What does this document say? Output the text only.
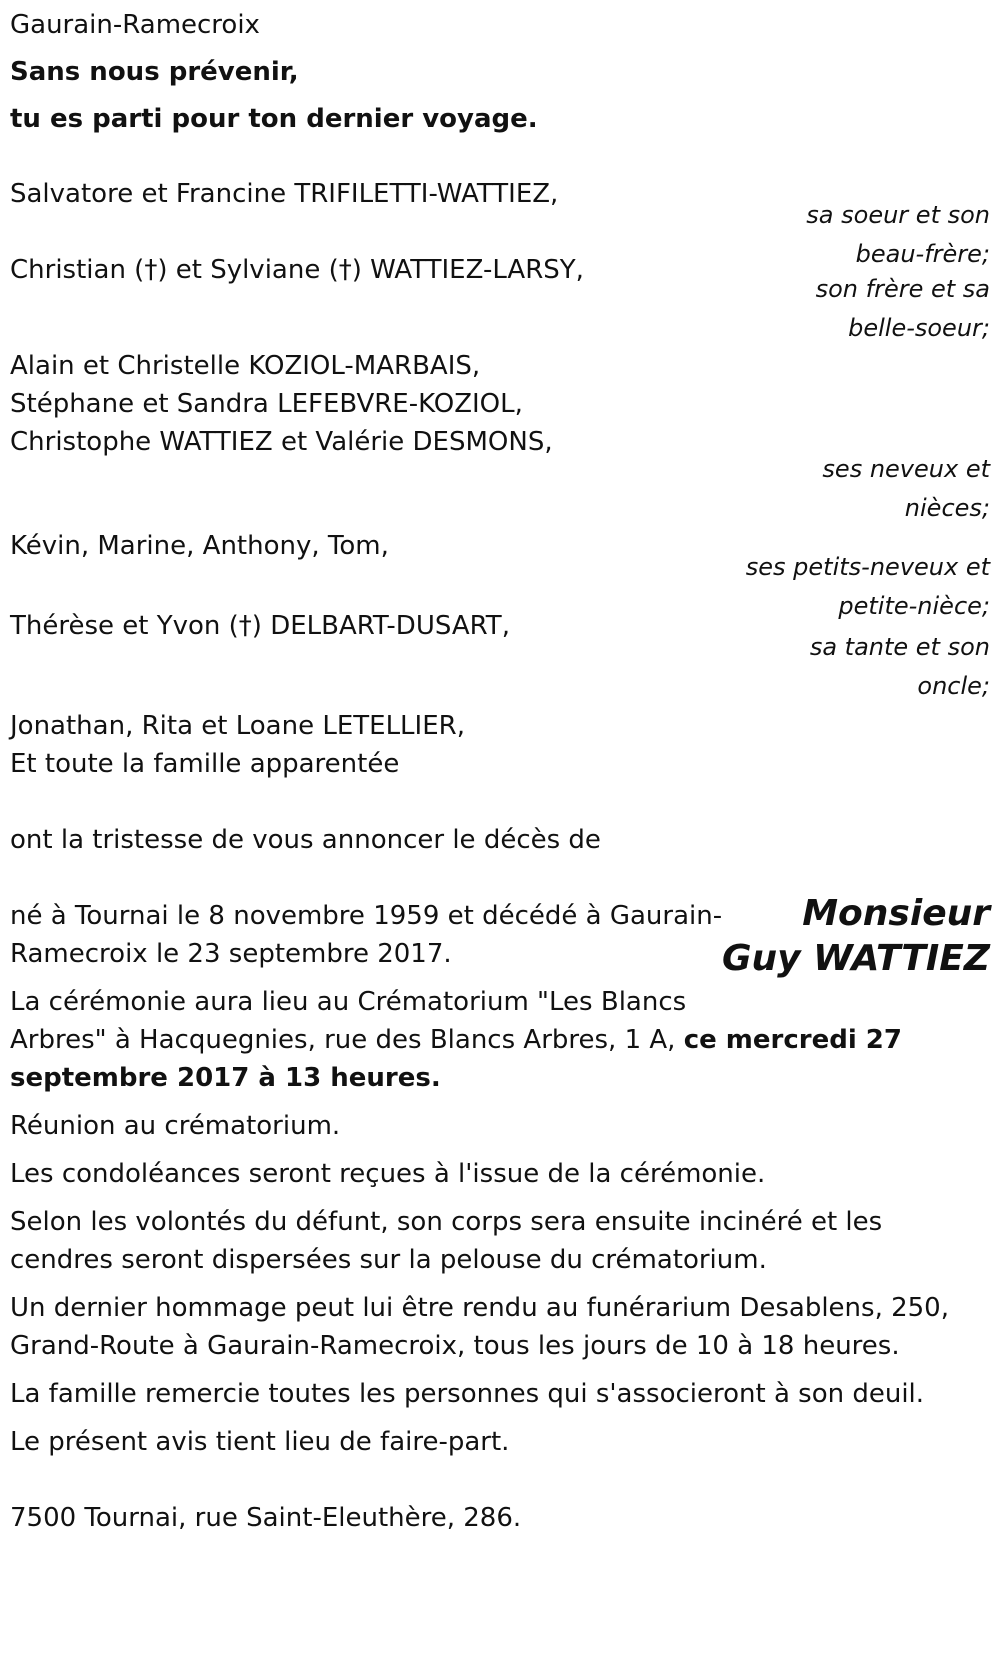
Gaurain-Ramecroix
Sans nous prévenir,
tu es parti pour ton dernier voyage.
Salvatore et Francine TRIFILETTI-WATTIEZ,
sa soeur et son
beau-frère;
Christian (†) et Sylviane (†) WATTIEZ-LARSY,
son frère et sa
belle-soeur;
Alain et Christelle KOZIOL-MARBAIS,
Stéphane et Sandra LEFEBVRE-KOZIOL,
Christophe WATTIEZ et Valérie DESMONS,
ses neveux et
nièces;
Kévin, Marine, Anthony, Tom,
ses petits-neveux et
petite-nièce;
Thérèse et Yvon (†) DELBART-DUSART,
sa tante et son
oncle;
Jonathan, Rita et Loane LETELLIER,
Et toute la famille apparentée
ont la tristesse de vous annoncer le décès de
Monsieur
Guy WATTIEZ
né à Tournai le 8 novembre 1959 et décédé à Gaurain-
Ramecroix le 23 septembre 2017.
La cérémonie aura lieu au Crématorium "Les Blancs
Arbres" à Hacquegnies, rue des Blancs Arbres, 1 A, ce mercredi 27
septembre 2017 à 13 heures.
Réunion au crématorium.
Les condoléances seront reçues à l'issue de la cérémonie.
Selon les volontés du défunt, son corps sera ensuite incinéré et les
cendres seront dispersées sur la pelouse du crématorium.
Un dernier hommage peut lui être rendu au funérarium Desablens, 250,
Grand-Route à Gaurain-Ramecroix, tous les jours de 10 à 18 heures.
La famille remercie toutes les personnes qui s'associeront à son deuil.
Le présent avis tient lieu de faire-part.
7500 Tournai, rue Saint-Eleuthère, 286.
